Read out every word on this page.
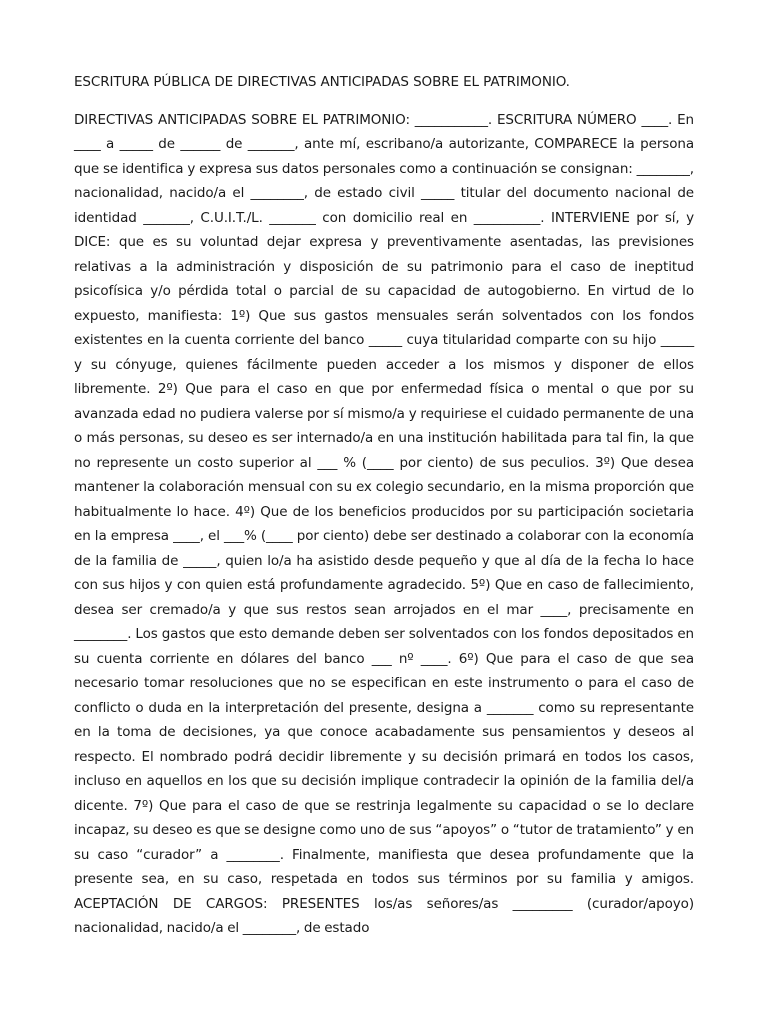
ESCRITURA PÚBLICA DE DIRECTIVAS ANTICIPADAS SOBRE EL PATRIMONIO.

DIRECTIVAS ANTICIPADAS SOBRE EL PATRIMONIO: ___________. ESCRITURA NÚMERO ____. En ____ a _____ de ______ de _______, ante mí, escribano/a autorizante, COMPARECE la persona que se identifica y expresa sus datos personales como a continuación se consignan: ________, nacionalidad, nacido/a el ________, de estado civil _____ titular del documento nacional de identidad _______, C.U.I.T./L. _______ con domicilio real en __________. INTERVIENE por sí, y DICE: que es su voluntad dejar expresa y preventivamente asentadas, las previsiones relativas a la administración y disposición de su patrimonio para el caso de ineptitud psicofísica y/o pérdida total o parcial de su capacidad de autogobierno. En virtud de lo expuesto, manifiesta: 1º) Que sus gastos mensuales serán solventados con los fondos existentes en la cuenta corriente del banco _____ cuya titularidad comparte con su hijo _____ y su cónyuge, quienes fácilmente pueden acceder a los mismos y disponer de ellos libremente. 2º) Que para el caso en que por enfermedad física o mental o que por su avanzada edad no pudiera valerse por sí mismo/a y requiriese el cuidado permanente de una o más personas, su deseo es ser internado/a en una institución habilitada para tal fin, la que no represente un costo superior al ___ % (____ por ciento) de sus peculios. 3º) Que desea mantener la colaboración mensual con su ex colegio secundario, en la misma proporción que habitualmente lo hace. 4º) Que de los beneficios producidos por su participación societaria en la empresa ____, el ___% (____ por ciento) debe ser destinado a colaborar con la economía de la familia de _____, quien lo/a ha asistido desde pequeño y que al día de la fecha lo hace con sus hijos y con quien está profundamente agradecido. 5º) Que en caso de fallecimiento, desea ser cremado/a y que sus restos sean arrojados en el mar ____, precisamente en ________. Los gastos que esto demande deben ser solventados con los fondos depositados en su cuenta corriente en dólares del banco ___ nº ____. 6º) Que para el caso de que sea necesario tomar resoluciones que no se especifican en este instrumento o para el caso de conflicto o duda en la interpretación del presente, designa a _______ como su representante en la toma de decisiones, ya que conoce acabadamente sus pensamientos y deseos al respecto. El nombrado podrá decidir libremente y su decisión primará en todos los casos, incluso en aquellos en los que su decisión implique contradecir la opinión de la familia del/a dicente. 7º) Que para el caso de que se restrinja legalmente su capacidad o se lo declare incapaz, su deseo es que se designe como uno de sus “apoyos” o “tutor de tratamiento” y en su caso “curador” a ________. Finalmente, manifiesta que desea profundamente que la presente sea, en su caso, respetada en todos sus términos por su familia y amigos. ACEPTACIÓN DE CARGOS: PRESENTES los/as señores/as _________ (curador/apoyo) nacionalidad, nacido/a el ________, de estado
